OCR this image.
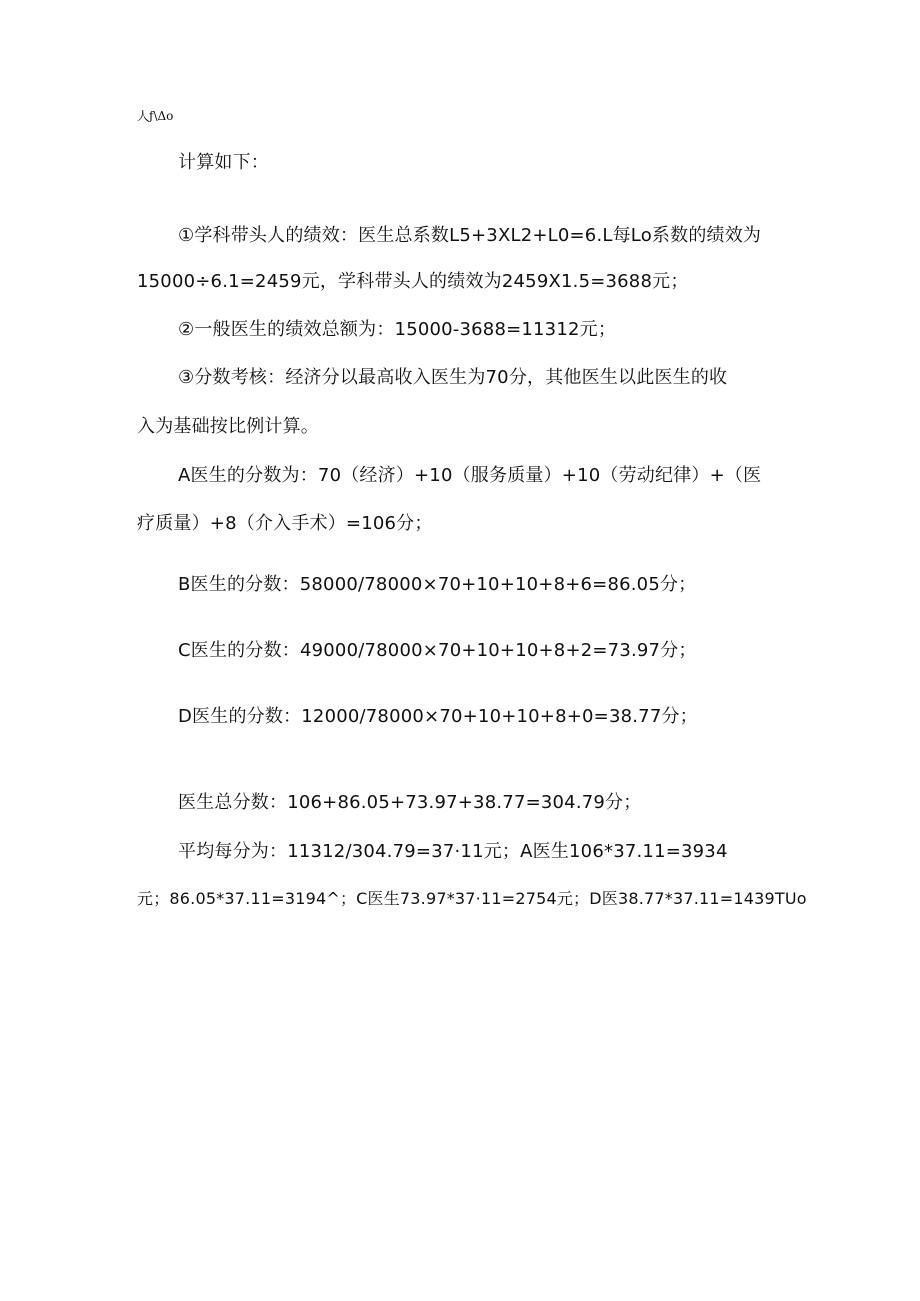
人ƒ\Δo
计算如下：
①学科带头人的绩效：医生总系数L5+3XL2+L0=6.L每Lo系数的绩效为
15000÷6.1=2459元，学科带头人的绩效为2459X1.5=3688元；
②一般医生的绩效总额为：15000-3688=11312元；
③分数考核：经济分以最高收入医生为70分，其他医生以此医生的收
入为基础按比例计算。
A医生的分数为：70（经济）+10（服务质量）+10（劳动纪律）+（医
疗质量）+8（介入手术）=106分；
B医生的分数：58000/78000×70+10+10+8+6=86.05分；
C医生的分数：49000/78000×70+10+10+8+2=73.97分；
D医生的分数：12000/78000×70+10+10+8+0=38.77分；
医生总分数：106+86.05+73.97+38.77=304.79分；
平均每分为：11312/304.79=37·11元；A医生106*37.11=3934
元；86.05*37.11=3194^；C医生73.97*37·11=2754元；D医38.77*37.11=1439TUo
